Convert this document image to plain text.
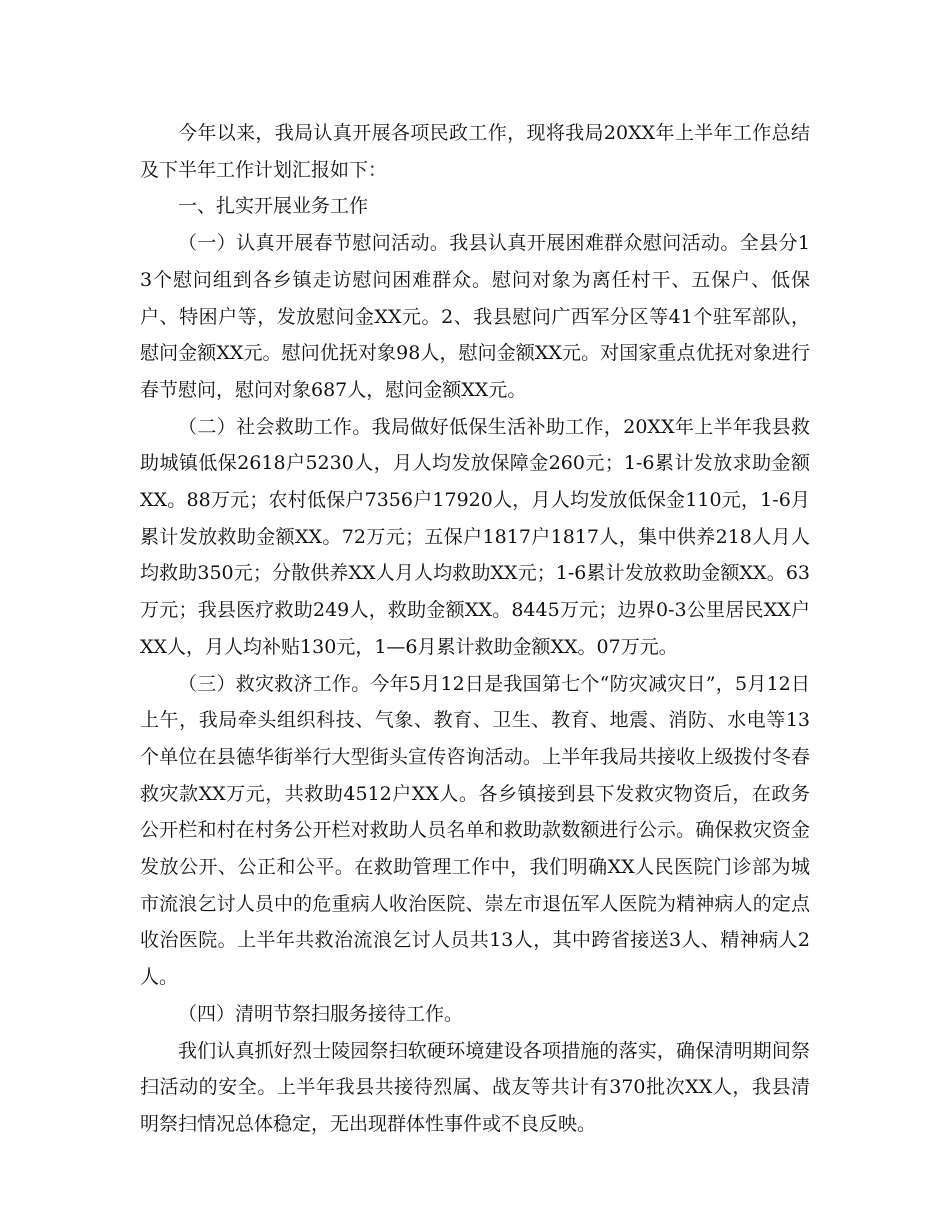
今年以来，我局认真开展各项民政工作，现将我局20XX年上半年工作总结及下半年工作计划汇报如下：

一、扎实开展业务工作

（一）认真开展春节慰问活动。我县认真开展困难群众慰问活动。全县分13个慰问组到各乡镇走访慰问困难群众。慰问对象为离任村干、五保户、低保户、特困户等，发放慰问金XX元。2、我县慰问广西军分区等41个驻军部队，慰问金额XX元。慰问优抚对象98人，慰问金额XX元。对国家重点优抚对象进行春节慰问，慰问对象687人，慰问金额XX元。

（二）社会救助工作。我局做好低保生活补助工作，20XX年上半年我县救助城镇低保2618户5230人，月人均发放保障金260元；1-6累计发放求助金额XX。88万元；农村低保户7356户17920人，月人均发放低保金110元，1-6月累计发放救助金额XX。72万元；五保户1817户1817人，集中供养218人月人均救助350元；分散供养XX人月人均救助XX元；1-6累计发放救助金额XX。63万元；我县医疗救助249人，救助金额XX。8445万元；边界0-3公里居民XX户XX人，月人均补贴130元，1—6月累计救助金额XX。07万元。

（三）救灾救济工作。今年5月12日是我国第七个“防灾减灾日”，5月12日上午，我局牵头组织科技、气象、教育、卫生、教育、地震、消防、水电等13个单位在县德华街举行大型街头宣传咨询活动。上半年我局共接收上级拨付冬春救灾款XX万元，共救助4512户XX人。各乡镇接到县下发救灾物资后，在政务公开栏和村在村务公开栏对救助人员名单和救助款数额进行公示。确保救灾资金发放公开、公正和公平。在救助管理工作中，我们明确XX人民医院门诊部为城市流浪乞讨人员中的危重病人收治医院、崇左市退伍军人医院为精神病人的定点收治医院。上半年共救治流浪乞讨人员共13人，其中跨省接送3人、精神病人2人。

（四）清明节祭扫服务接待工作。

我们认真抓好烈士陵园祭扫软硬环境建设各项措施的落实，确保清明期间祭扫活动的安全。上半年我县共接待烈属、战友等共计有370批次XX人，我县清明祭扫情况总体稳定，无出现群体性事件或不良反映。
